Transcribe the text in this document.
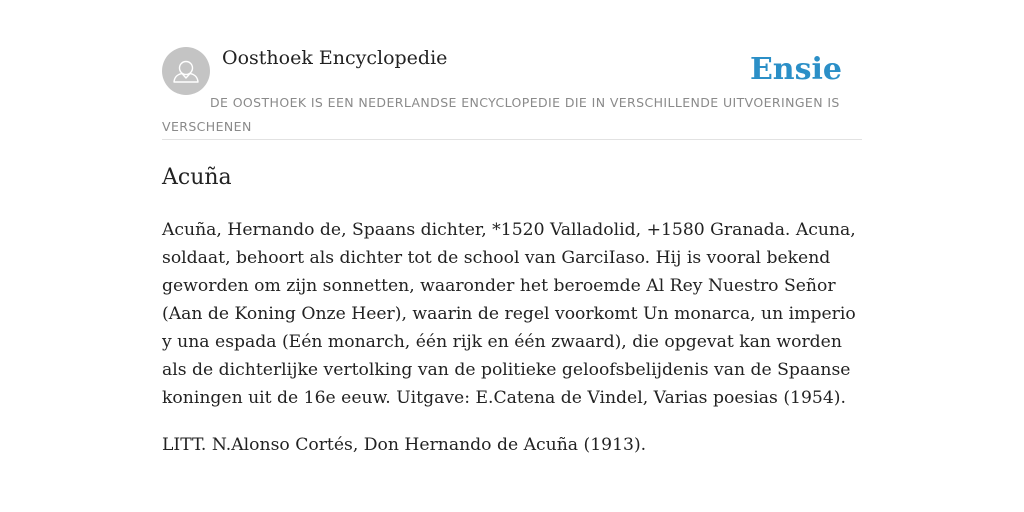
Oosthoek Encyclopedie	Ensie
DE OOSTHOEK IS EEN NEDERLANDSE ENCYCLOPEDIE DIE IN VERSCHILLENDE UITVOERINGEN IS VERSCHENEN
Acuña

Acuña, Hernando de, Spaans dichter, *1520 Valladolid, +1580 Granada. Acuna, soldaat, behoort als dichter tot de school van GarciIaso. Hij is vooral bekend geworden om zijn sonnetten, waaronder het beroemde Al Rey Nuestro Señor (Aan de Koning Onze Heer), waarin de regel voorkomt Un monarca, un imperio y una espada (Eén monarch, één rijk en één zwaard), die opgevat kan worden als de dichterlijke vertolking van de politieke geloofsbelijdenis van de Spaanse koningen uit de 16e eeuw. Uitgave: E.Catena de Vindel, Varias poesias (1954).

LITT. N.Alonso Cortés, Don Hernando de Acuña (1913).
